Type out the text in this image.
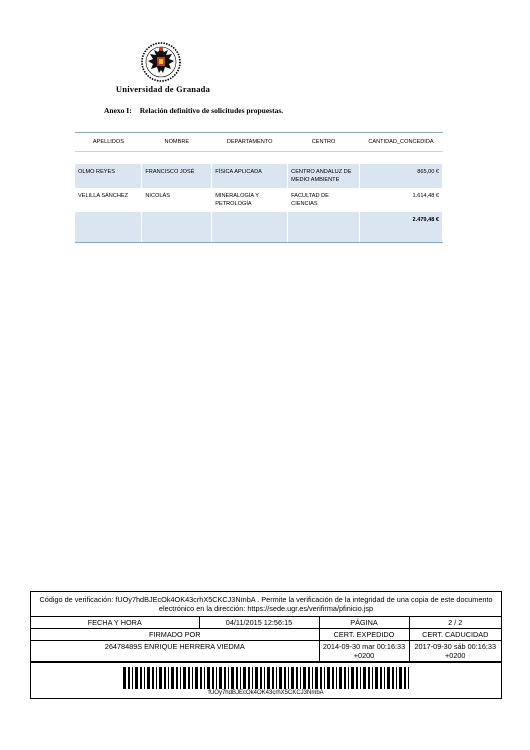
Universidad de Granada
Anexo I: Relación definitivo de solicitudes propuestas.
APELLIDOS	NOMBRE	DEPARTAMENTO	CENTRO	CANTIDAD_CONCEDIDA

OLMO REYES	FRANCISCO JOSÉ	FÍSICA APLICADA	CENTRO ANDALUZ DE MEDIO AMBIENTE	865,00 €
VELILLA SÁNCHEZ	NICOLÁS	MINERALOGÍA Y PETROLOGÍA	FACULTAD DE CIENCIAS	1.614,48 €
				2.479,48 €
Código de verificación: fUOy7hdBJEcOk4OK43crhX5CKCJ3NmbA . Permite la verificación de la integridad de una copia de este documento electrónico en la dirección: https://sede.ugr.es/verifirma/pfinicio.jsp
FECHA Y HORA	04/11/2015 12:56:15	PÁGINA	2 / 2
FIRMADO POR		CERT. EXPEDIDO	CERT. CADUCIDAD
26478489S ENRIQUE HERRERA VIEDMA		2014-09-30 mar 00:16:33 +0200	2017-09-30 sáb 00:16:33 +0200
fUOy7hdBJEcOk4OK43crhX5CKCJ3NmbA
